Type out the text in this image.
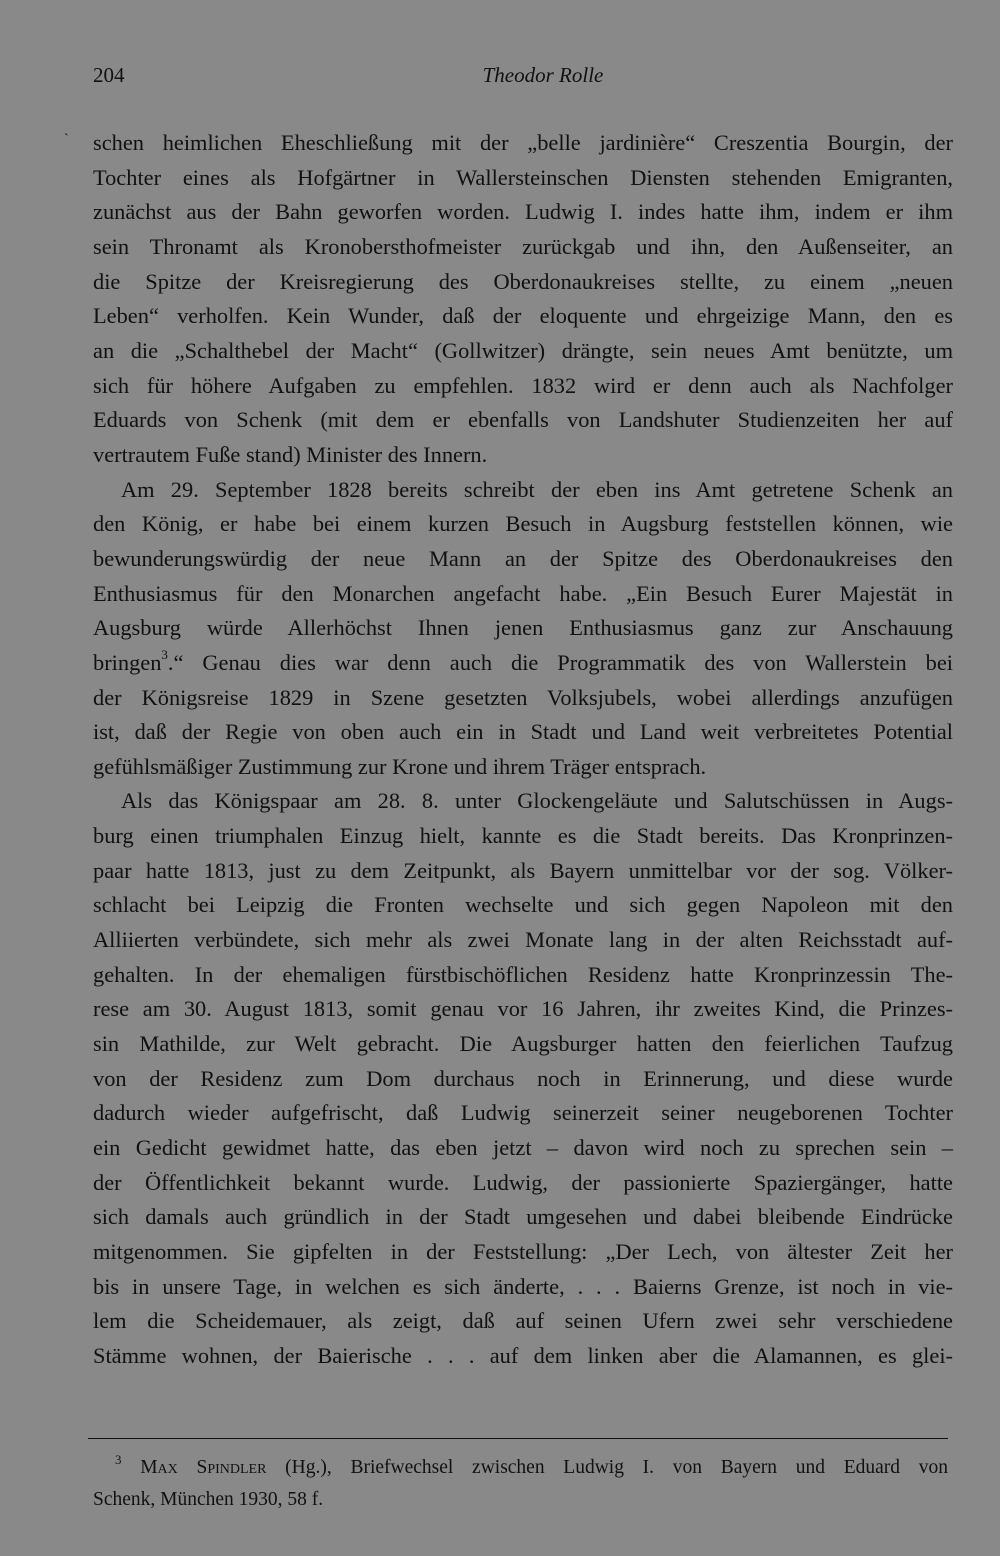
204	Theodor Rolle
ˋ schen heimlichen Eheschließung mit der „belle jardinière“ Creszentia Bourgin, der
Tochter eines als Hofgärtner in Wallersteinschen Diensten stehenden Emigranten,
zunächst aus der Bahn geworfen worden. Ludwig I. indes hatte ihm, indem er ihm
sein Thronamt als Kronobersthofmeister zurückgab und ihn, den Außenseiter, an
die Spitze der Kreisregierung des Oberdonaukreises stellte, zu einem „neuen
Leben“ verholfen. Kein Wunder, daß der eloquente und ehrgeizige Mann, den es
an die „Schalthebel der Macht“ (Gollwitzer) drängte, sein neues Amt benützte, um
sich für höhere Aufgaben zu empfehlen. 1832 wird er denn auch als Nachfolger
Eduards von Schenk (mit dem er ebenfalls von Landshuter Studienzeiten her auf
vertrautem Fuße stand) Minister des Innern.
Am 29. September 1828 bereits schreibt der eben ins Amt getretene Schenk an
den König, er habe bei einem kurzen Besuch in Augsburg feststellen können, wie
bewunderungswürdig der neue Mann an der Spitze des Oberdonaukreises den
Enthusiasmus für den Monarchen angefacht habe. „Ein Besuch Eurer Majestät in
Augsburg würde Allerhöchst Ihnen jenen Enthusiasmus ganz zur Anschauung
bringen$^3$.“ Genau dies war denn auch die Programmatik des von Wallerstein bei
der Königsreise 1829 in Szene gesetzten Volksjubels, wobei allerdings anzufügen
ist, daß der Regie von oben auch ein in Stadt und Land weit verbreitetes Potential
gefühlsmäßiger Zustimmung zur Krone und ihrem Träger entsprach.
Als das Königspaar am 28. 8. unter Glockengeläute und Salutschüssen in Augs-
burg einen triumphalen Einzug hielt, kannte es die Stadt bereits. Das Kronprinzen-
paar hatte 1813, just zu dem Zeitpunkt, als Bayern unmittelbar vor der sog. Völker-
schlacht bei Leipzig die Fronten wechselte und sich gegen Napoleon mit den
Alliierten verbündete, sich mehr als zwei Monate lang in der alten Reichsstadt auf-
gehalten. In der ehemaligen fürstbischöflichen Residenz hatte Kronprinzessin The-
rese am 30. August 1813, somit genau vor 16 Jahren, ihr zweites Kind, die Prinzes-
sin Mathilde, zur Welt gebracht. Die Augsburger hatten den feierlichen Taufzug
von der Residenz zum Dom durchaus noch in Erinnerung, und diese wurde
dadurch wieder aufgefrischt, daß Ludwig seinerzeit seiner neugeborenen Tochter
ein Gedicht gewidmet hatte, das eben jetzt – davon wird noch zu sprechen sein –
der Öffentlichkeit bekannt wurde. Ludwig, der passionierte Spaziergänger, hatte
sich damals auch gründlich in der Stadt umgesehen und dabei bleibende Eindrücke
mitgenommen. Sie gipfelten in der Feststellung: „Der Lech, von ältester Zeit her
bis in unsere Tage, in welchen es sich änderte, . . . Baierns Grenze, ist noch in vie-
lem die Scheidemauer, als zeigt, daß auf seinen Ufern zwei sehr verschiedene
Stämme wohnen, der Baierische . . . auf dem linken aber die Alamannen, es glei-
$^3$ Max Spindler (Hg.), Briefwechsel zwischen Ludwig I. von Bayern und Eduard von
Schenk, München 1930, 58 f.
